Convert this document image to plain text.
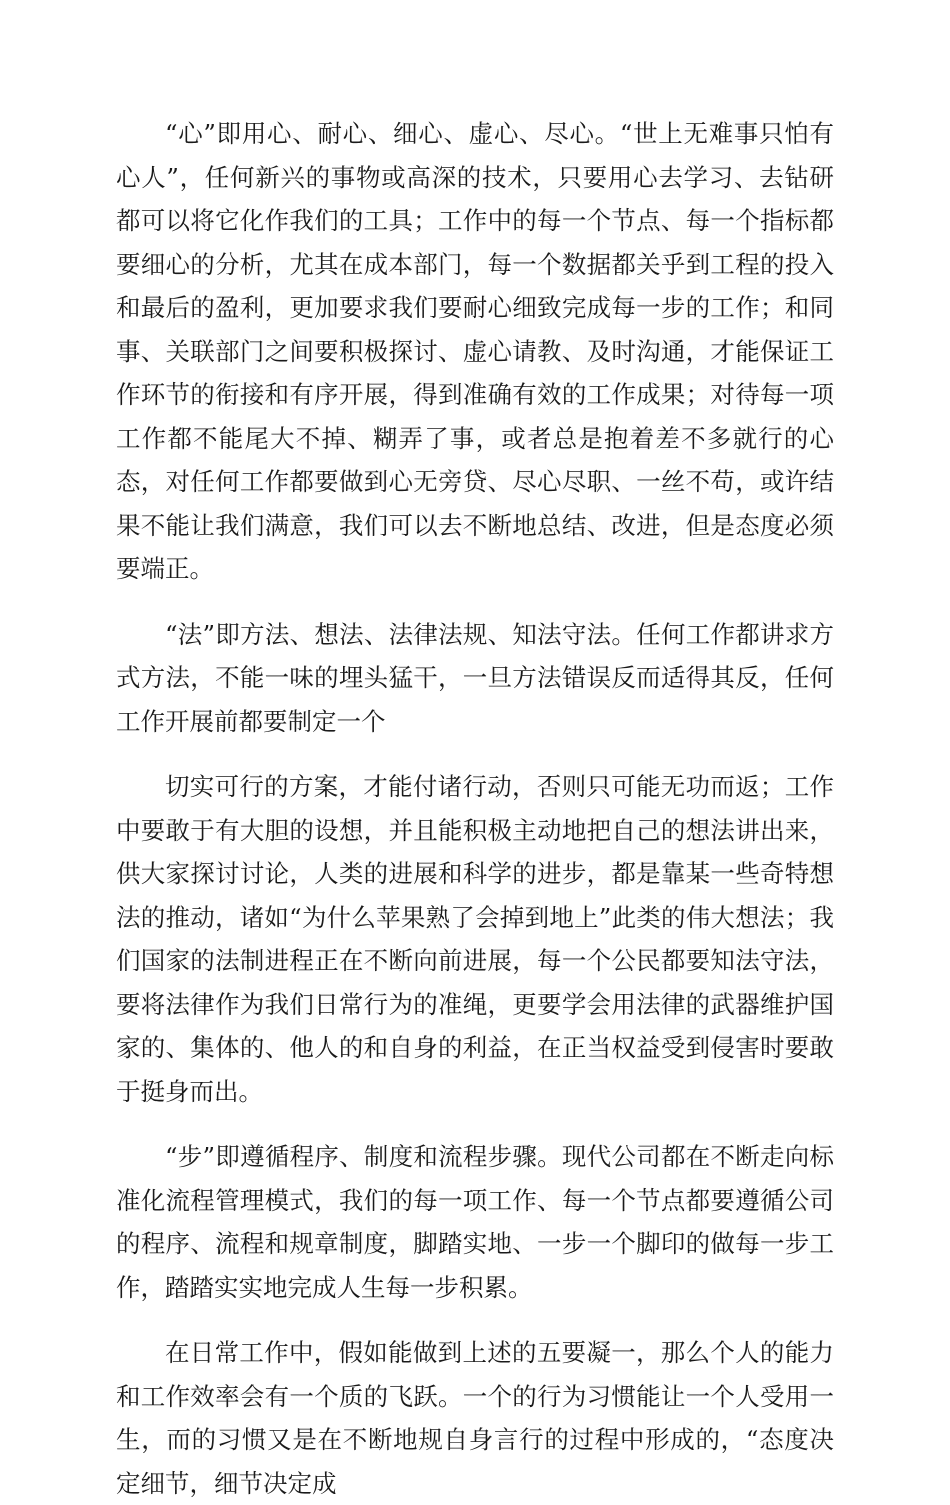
“心”即用心、耐心、细心、虚心、尽心。“世上无难事只怕有心人”，任何新兴的事物或高深的技术，只要用心去学习、去钻研都可以将它化作我们的工具；工作中的每一个节点、每一个指标都要细心的分析，尤其在成本部门，每一个数据都关乎到工程的投入和最后的盈利，更加要求我们要耐心细致完成每一步的工作；和同事、关联部门之间要积极探讨、虚心请教、及时沟通，才能保证工作环节的衔接和有序开展，得到准确有效的工作成果；对待每一项工作都不能尾大不掉、糊弄了事，或者总是抱着差不多就行的心态，对任何工作都要做到心无旁贷、尽心尽职、一丝不苟，或许结果不能让我们满意，我们可以去不断地总结、改进，但是态度必须要端正。

“法”即方法、想法、法律法规、知法守法。任何工作都讲求方式方法，不能一味的埋头猛干，一旦方法错误反而适得其反，任何工作开展前都要制定一个

切实可行的方案，才能付诸行动，否则只可能无功而返；工作中要敢于有大胆的设想，并且能积极主动地把自己的想法讲出来，供大家探讨讨论，人类的进展和科学的进步，都是靠某一些奇特想法的推动，诸如“为什么苹果熟了会掉到地上”此类的伟大想法；我们国家的法制进程正在不断向前进展，每一个公民都要知法守法，要将法律作为我们日常行为的准绳，更要学会用法律的武器维护国家的、集体的、他人的和自身的利益，在正当权益受到侵害时要敢于挺身而出。

“步”即遵循程序、制度和流程步骤。现代公司都在不断走向标准化流程管理模式，我们的每一项工作、每一个节点都要遵循公司的程序、流程和规章制度，脚踏实地、一步一个脚印的做每一步工作，踏踏实实地完成人生每一步积累。

在日常工作中，假如能做到上述的五要凝一，那么个人的能力和工作效率会有一个质的飞跃。一个的行为习惯能让一个人受用一生，而的习惯又是在不断地规自身言行的过程中形成的，“态度决定细节，细节决定成
